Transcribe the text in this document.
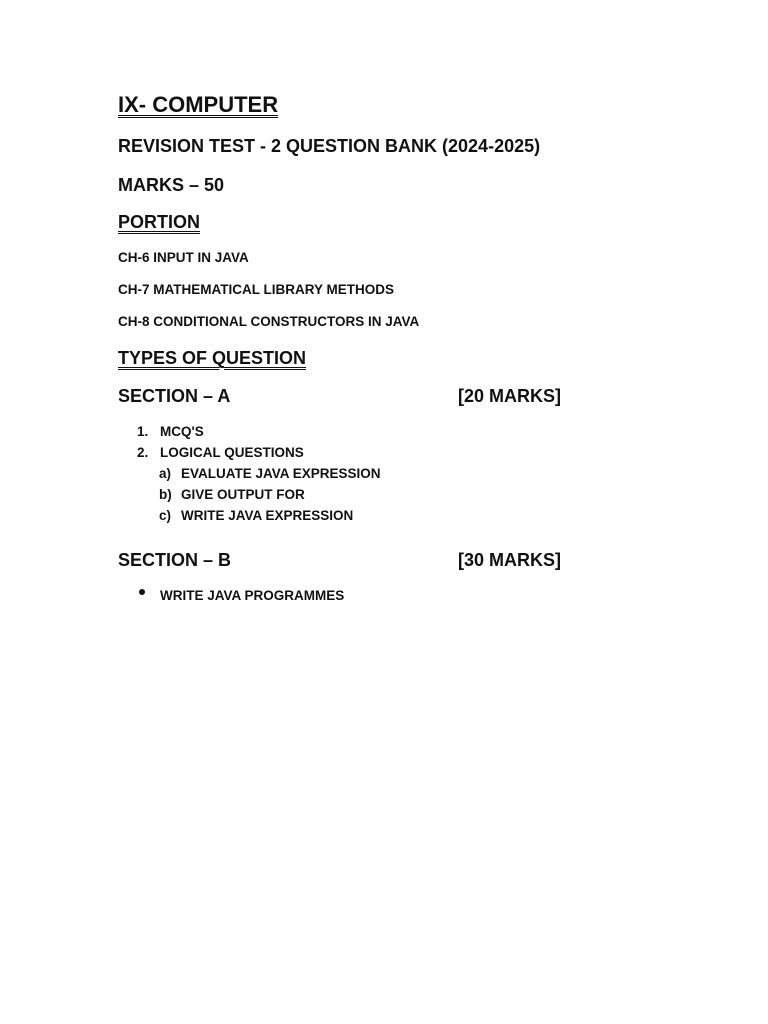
IX- COMPUTER
REVISION TEST - 2 QUESTION BANK (2024-2025)
MARKS – 50
PORTION
CH-6 INPUT IN JAVA
CH-7 MATHEMATICAL LIBRARY METHODS
CH-8 CONDITIONAL CONSTRUCTORS IN JAVA
TYPES OF QUESTION
SECTION – A	[20 MARKS]
1. MCQ'S
2. LOGICAL QUESTIONS
a) EVALUATE JAVA EXPRESSION
b) GIVE OUTPUT FOR
c) WRITE JAVA EXPRESSION
SECTION – B	[30 MARKS]
WRITE JAVA PROGRAMMES
